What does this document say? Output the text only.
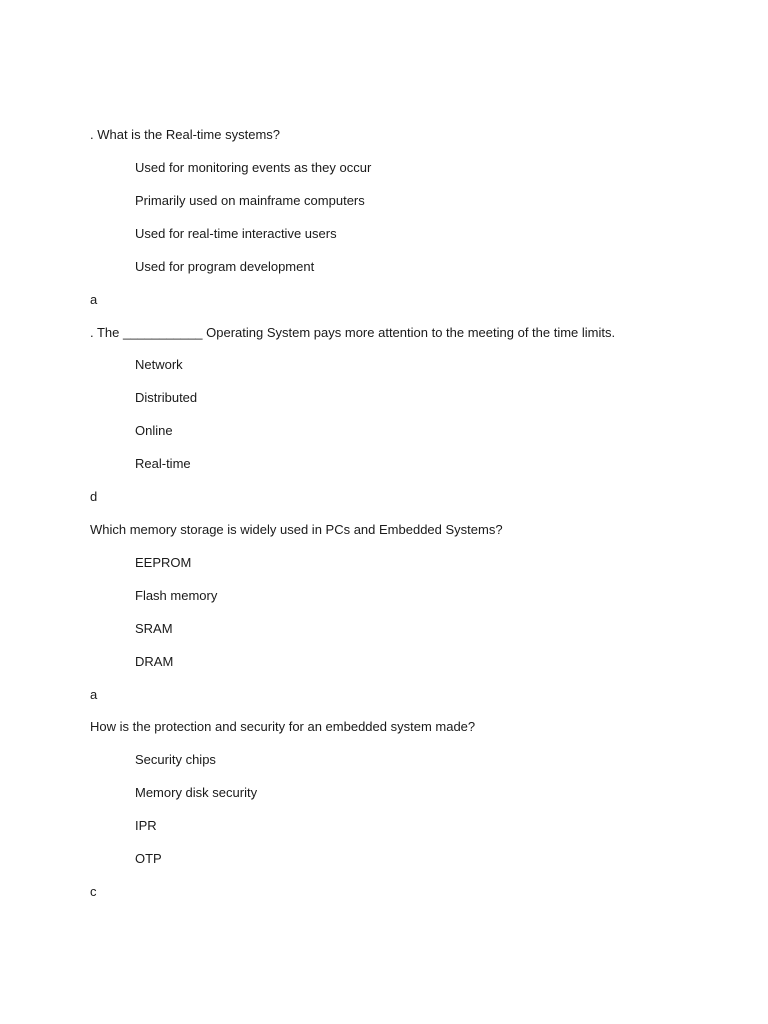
. What is the Real-time systems?
Used for monitoring events as they occur
Primarily used on mainframe computers
Used for real-time interactive users
Used for program development
a
. The ___________ Operating System pays more attention to the meeting of the time limits.
Network
Distributed
Online
Real-time
d
Which memory storage is widely used in PCs and Embedded Systems?
EEPROM
Flash memory
SRAM
DRAM
a
How is the protection and security for an embedded system made?
Security chips
Memory disk security
IPR
OTP
c
